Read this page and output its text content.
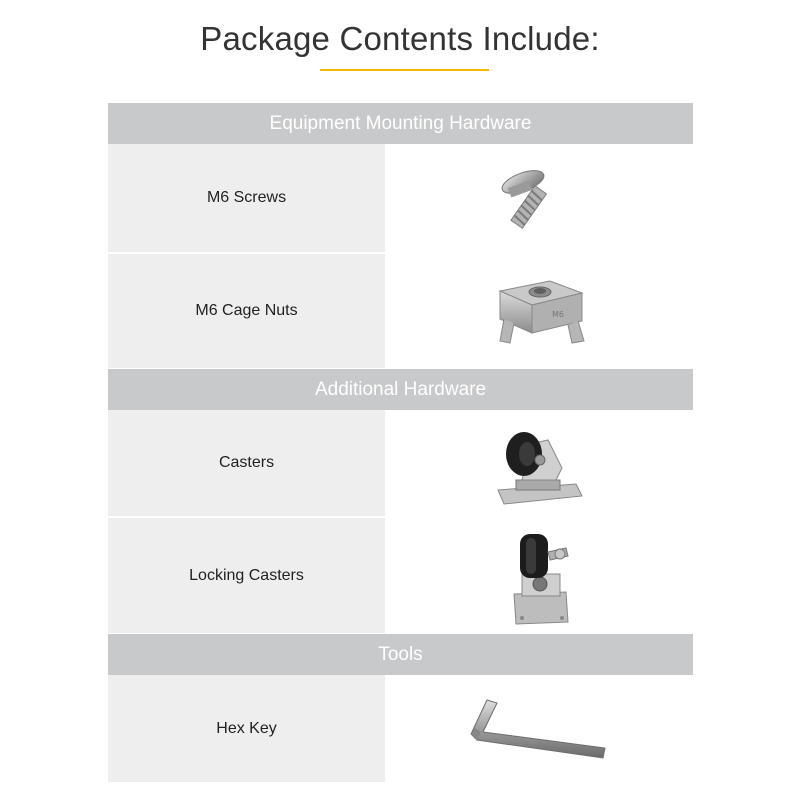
Package Contents Include:
Equipment Mounting Hardware
M6 Screws
M6 Cage Nuts	M6
Additional Hardware
Casters
Locking Casters
Tools
Hex Key
